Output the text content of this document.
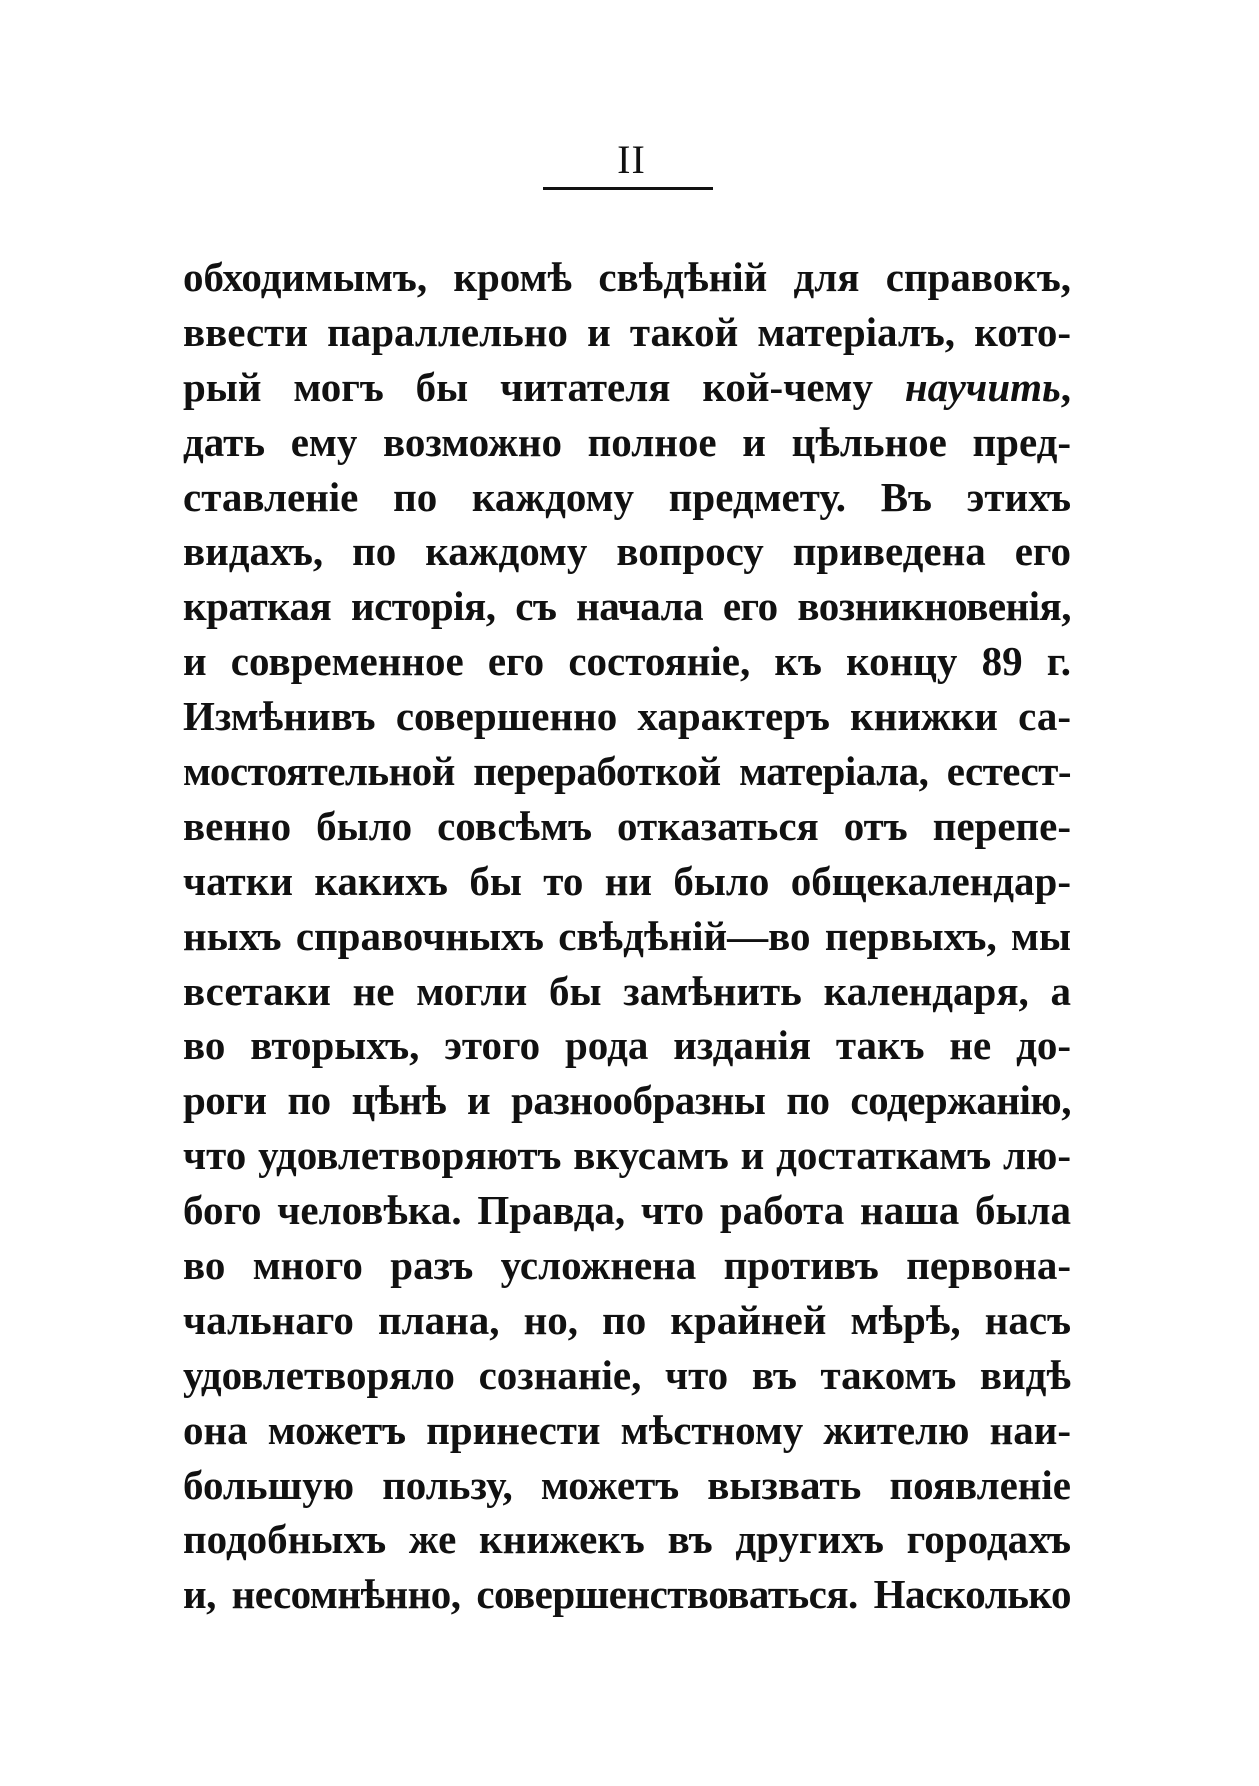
II
обходимымъ, кромѣ свѣдѣній для справокъ,
ввести параллельно и такой матеріалъ, кото-
рый могъ бы читателя кой-чему научить,
дать ему возможно полное и цѣльное пред-
ставленіе по каждому предмету. Въ этихъ
видахъ, по каждому вопросу приведена его
краткая исторія, съ начала его возникновенія,
и современное его состояніе, къ концу 89 г.
Измѣнивъ совершенно характеръ книжки са-
мостоятельной переработкой матеріала, естест-
венно было совсѣмъ отказаться отъ перепе-
чатки какихъ бы то ни было общекалендар-
ныхъ справочныхъ свѣдѣній—во первыхъ, мы
всетаки не могли бы замѣнить календаря, а
во вторыхъ, этого рода изданія такъ не до-
роги по цѣнѣ и разнообразны по содержанію,
что удовлетворяютъ вкусамъ и достаткамъ лю-
бого человѣка. Правда, что работа наша была
во много разъ усложнена противъ первона-
чальнаго плана, но, по крайней мѣрѣ, насъ
удовлетворяло сознаніе, что въ такомъ видѣ
она можетъ принести мѣстному жителю наи-
большую пользу, можетъ вызвать появленіе
подобныхъ же книжекъ въ другихъ городахъ
и, несомнѣнно, совершенствоваться. Насколько
